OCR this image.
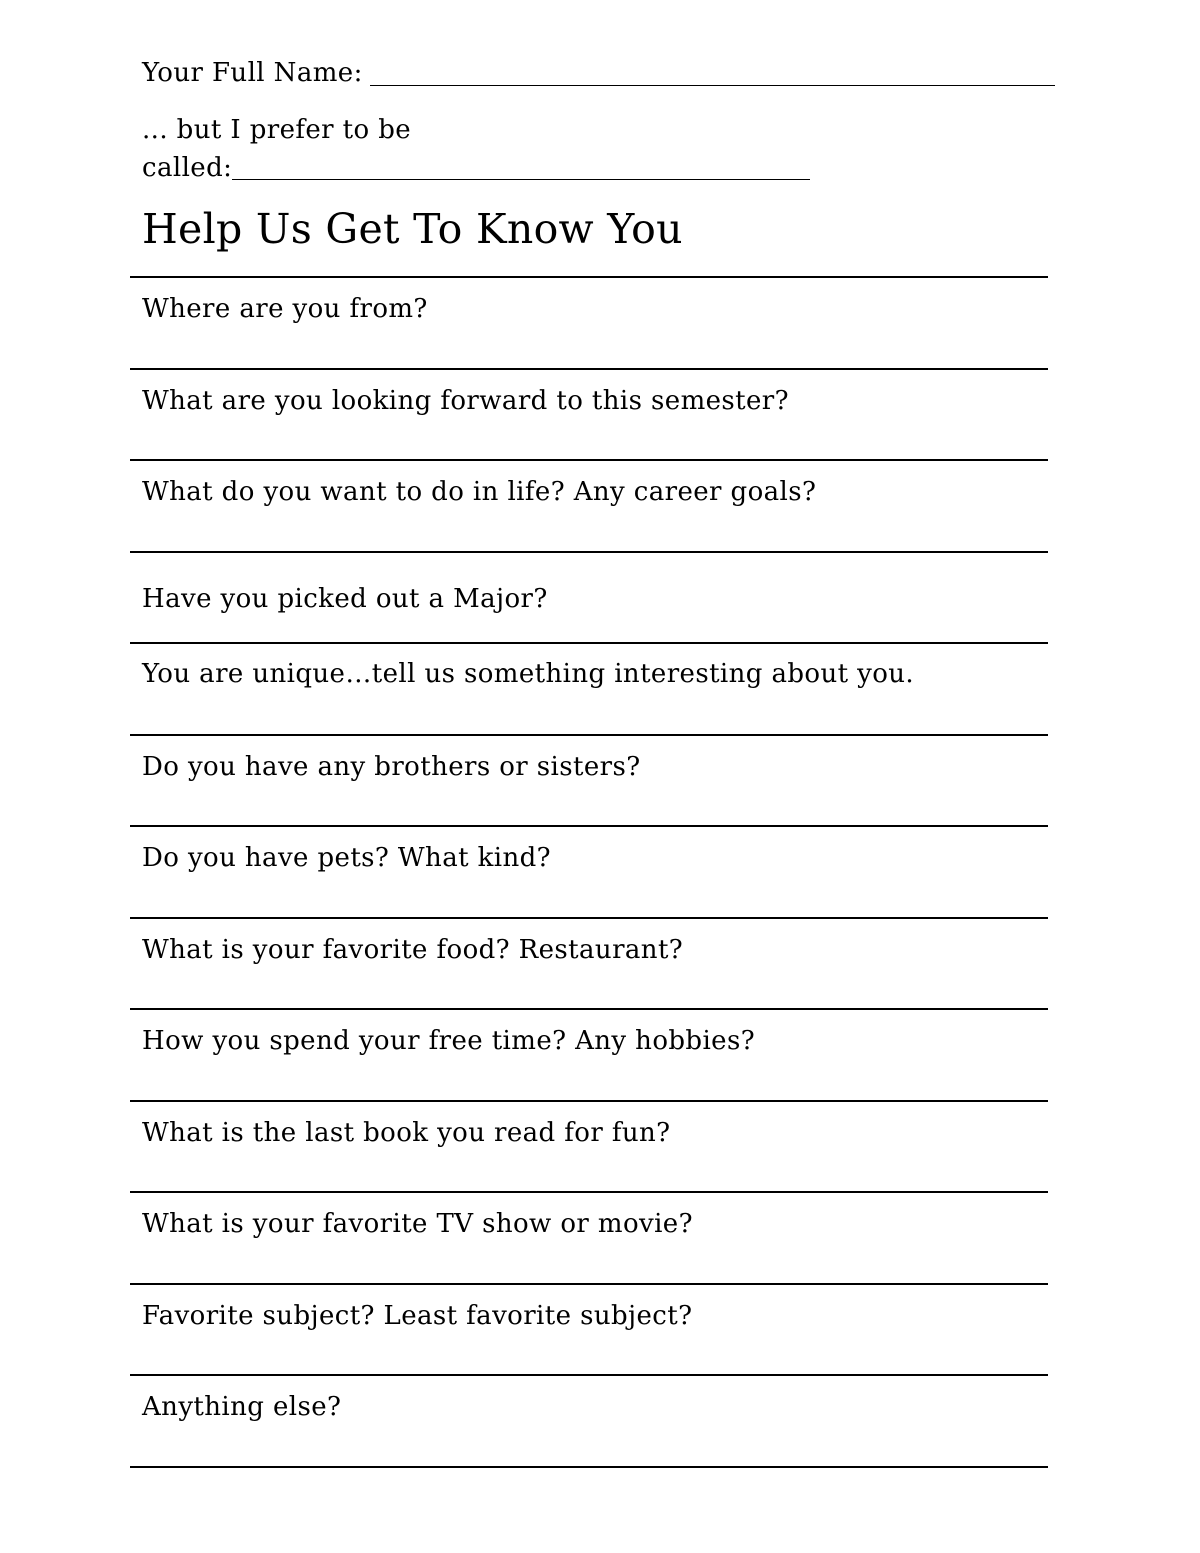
Your Full Name:
... but I prefer to be
called:
Help Us Get To Know You
Where are you from?
What are you looking forward to this semester?
What do you want to do in life? Any career goals?
Have you picked out a Major?
You are unique…tell us something interesting about you.
Do you have any brothers or sisters?
Do you have pets? What kind?
What is your favorite food? Restaurant?
How you spend your free time? Any hobbies?
What is the last book you read for fun?
What is your favorite TV show or movie?
Favorite subject? Least favorite subject?
Anything else?
